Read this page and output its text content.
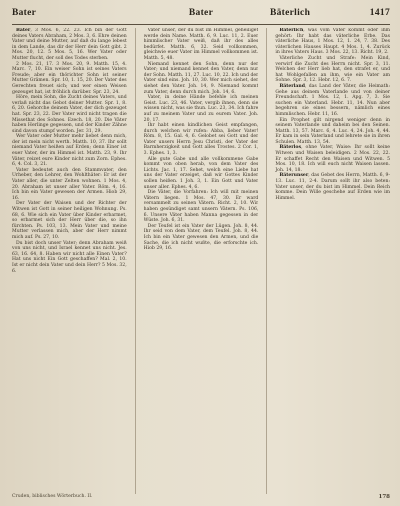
Bater	Bater	Bäterlich	1417

Bater, 3 Mos. 6, 22. 23. Ich bin der Gott deines Vaters Abraham, 2 Mos. 3, 6. Ehre deinen Vater und deine Mutter, auf daß du lange lebest in dem Lande, das dir der Herr dein Gott gibt. 2 Mos. 20, 12. 5 Mos. 5, 16. Wer Vater oder Mutter flucht, der soll des Todes sterben.

2 Mos. 21, 17. 3 Mos. 20, 9. Matth. 15, 4. Marc. 7, 10. Ein weiser Sohn ist seines Vaters Freude; aber ein thörichter Sohn ist seiner Mutter Grämen. Spr. 10, 1. 15, 20. Der Vater des Gerechten freuet sich; und wer einen Weisen gezeuget hat, ist fröhlich darüber. Spr. 23, 24.

Höre, mein Sohn, die Zucht deines Vaters, und verlaß nicht das Gebot deiner Mutter. Spr. 1, 8. 6, 20. Gehorche deinem Vater, der dich gezeuget hat. Spr. 23, 22. Der Vater wird nicht tragen die Missethat des Sohnes. Ezech. 18, 20. Die Väter haben Herlinge gegessen, und der Kinder Zähne sind davon stumpf worden. Jer. 31, 29.

Wer Vater oder Mutter mehr liebet denn mich, der ist mein nicht werth. Matth. 10, 37. Ihr sollt niemand Vater heißen auf Erden; denn Einer ist euer Vater, der im Himmel ist. Matth. 23, 9. Ihr Väter, reizet eure Kinder nicht zum Zorn. Ephes. 6, 4. Col. 3, 21.

Vater bedeutet auch den Stammvater, den Urheber, den Lehrer, den Wohlthäter: Er ist der Vater aller, die unter Zelten wohnen. 1 Mos. 4, 20. Abraham ist unser aller Vater. Röm. 4, 16. Ich bin ein Vater gewesen der Armen. Hiob 29, 16.

Der Vater der Waisen und der Richter der Witwen ist Gott in seiner heiligen Wohnung. Ps. 68, 6. Wie sich ein Vater über Kinder erbarmet, so erbarmet sich der Herr über die, so ihn fürchten. Ps. 103, 13. Mein Vater und meine Mutter verlassen mich, aber der Herr nimmt mich auf. Ps. 27, 10.

Du bist doch unser Vater; denn Abraham weiß von uns nicht, und Israel kennet uns nicht. Jes. 63, 16. 64, 8. Haben wir nicht alle Einen Vater? Hat uns nicht Ein Gott geschaffen? Mal. 2, 10. Ist er nicht dein Vater und dein Herr? 5 Mos. 32, 6.

Vater unser, der du bist im Himmel, geheiliget werde dein Name. Matth. 6, 9. Luc. 11, 2. Euer himmlischer Vater weiß, daß ihr des alles bedürfet. Matth. 6, 32. Seid vollkommen, gleichwie euer Vater im Himmel vollkommen ist. Matth. 5, 48.

Niemand kennet den Sohn, denn nur der Vater; und niemand kennet den Vater, denn nur der Sohn. Matth. 11, 27. Luc. 10, 22. Ich und der Vater sind eins. Joh. 10, 30. Wer mich siehet, der siehet den Vater. Joh. 14, 9. Niemand kommt zum Vater, denn durch mich. Joh. 14, 6.

Vater, in deine Hände befehle ich meinen Geist. Luc. 23, 46. Vater, vergib ihnen, denn sie wissen nicht, was sie thun. Luc. 23, 34. Ich fahre auf zu meinem Vater und zu eurem Vater. Joh. 20, 17.

Ihr habt einen kindlichen Geist empfangen, durch welchen wir rufen: Abba, lieber Vater! Röm. 8, 15. Gal. 4, 6. Gelobet sei Gott und der Vater unsers Herrn Jesu Christi, der Vater der Barmherzigkeit und Gott alles Trostes. 2 Cor. 1, 3. Ephes. 1, 3.

Alle gute Gabe und alle vollkommene Gabe kommt von oben herab, von dem Vater des Lichts. Jac. 1, 17. Sehet, welch eine Liebe hat uns der Vater erzeiget, daß wir Gottes Kinder sollen heißen. 1 Joh. 3, 1. Ein Gott und Vater unser aller. Ephes. 4, 6.

Die Väter, die Vorfahren: Ich will mit meinen Vätern liegen. 1 Mos. 47, 30. Er ward versammelt zu seinen Vätern. Richt. 2, 10. Wir haben gesündiget samt unsern Vätern. Ps. 106, 6. Unsere Väter haben Manna gegessen in der Wüste. Joh. 6, 31.

Der Teufel ist ein Vater der Lügen. Joh. 8, 44. Ihr seid von dem Vater, dem Teufel. Joh. 8, 44. Ich bin ein Vater gewesen den Armen, und die Sache, die ich nicht wußte, die erforschte ich. Hiob 29, 16.

Bäterlich, was vom Vater kommt oder ihm gehört: Ihr habt das väterliche Erbe. Das väterliche Haus, 1 Mos. 12, 1. 24, 7. 38. Des väterlichen Hauses Haupt. 4 Mos. 1, 4. Zurück in ihres Vaters Haus. 3 Mos. 22, 13. Richt. 19, 2.

Väterliche Zucht und Strafe: Mein Kind, verwirf die Zucht des Herrn nicht. Spr. 3, 11. Welchen der Herr lieb hat, den strafet er, und hat Wohlgefallen an ihm, wie ein Vater am Sohne. Spr. 3, 12. Hebr. 12, 6. 7.

Bäterland, das Land der Väter, die Heimath: Gehe aus deinem Vaterlande und von deiner Freundschaft. 1 Mos. 12, 1. Apg. 7, 3. Sie suchen ein Vaterland. Hebr. 11, 14. Nun aber begehren sie eines bessern, nämlich eines himmlischen. Hebr. 11, 16.

Ein Prophet gilt nirgend weniger denn in seinem Vaterlande und daheim bei den Seinen. Matth. 13, 57. Marc. 6, 4. Luc. 4, 24. Joh. 4, 44. Er kam in sein Vaterland und lehrete sie in ihren Schulen. Matth. 13, 54.

Bäterlos, ohne Vater, Waise: Ihr sollt keine Witwen und Waisen beleidigen. 2 Mos. 22, 22. Er schaffet Recht den Waisen und Witwen. 5 Mos. 10, 18. Ich will euch nicht Waisen lassen. Joh. 14, 18.

Bäterunser, das Gebet des Herrn, Matth. 6, 9-13. Luc. 11, 2-4. Darum sollt ihr also beten: Vater unser, der du bist im Himmel. Dein Reich komme. Dein Wille geschehe auf Erden wie im Himmel.

Cruden, biblisches Wörterbuch. II.	178
